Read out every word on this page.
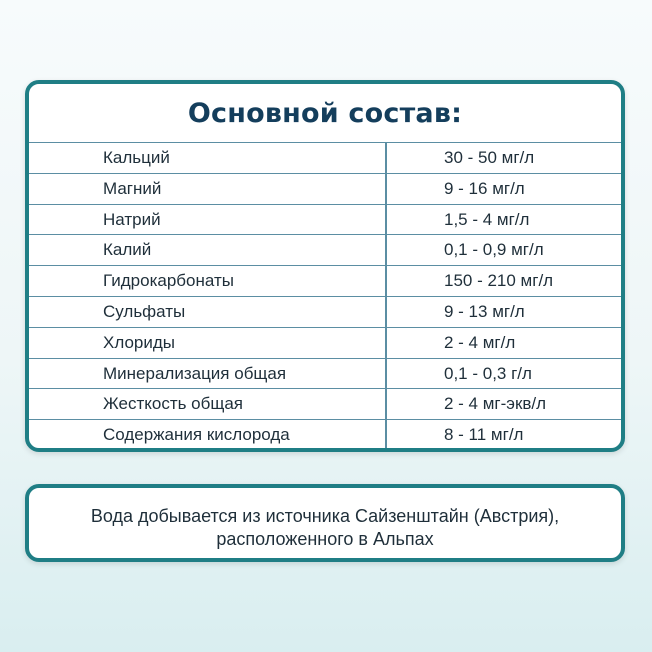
Основной состав:
Кальций	30 - 50 мг/л
Магний	9 - 16 мг/л
Натрий	1,5 - 4 мг/л
Калий	0,1 - 0,9 мг/л
Гидрокарбонаты	150 - 210 мг/л
Сульфаты	9 - 13 мг/л
Хлориды	2 - 4 мг/л
Минерализация общая	0,1 - 0,3 г/л
Жесткость общая	2 - 4 мг-экв/л
Содержания кислорода	8 - 11 мг/л
Вода добывается из источника Сайзенштайн (Австрия),
расположенного в Альпах
